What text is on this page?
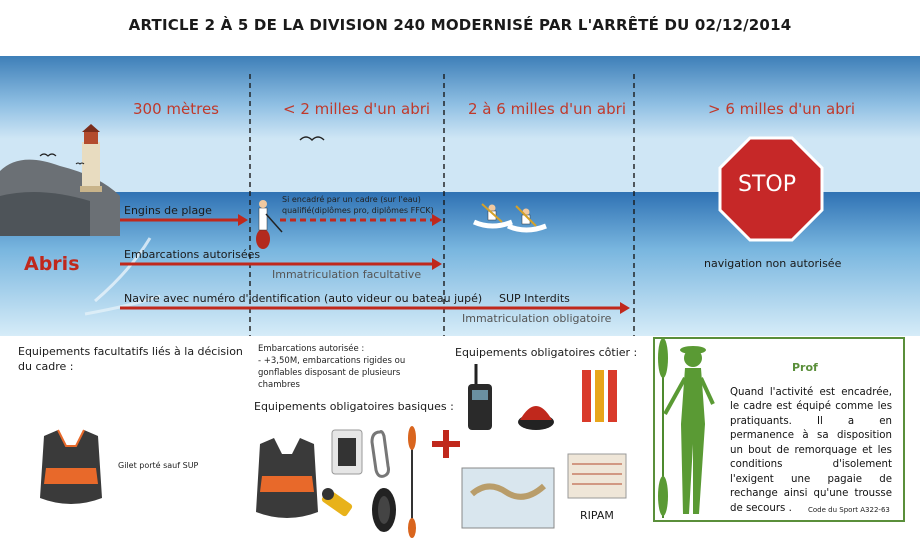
ARTICLE 2 À 5 DE LA DIVISION 240 MODERNISÉ PAR L'ARRÊTÉ DU 02/12/2014
300 mètres	< 2 milles d'un abri	2 à 6 milles d'un abri	> 6 milles d'un abri
Abris
Engins de plage
Si encadré par un cadre (sur l'eau)
qualifié(diplômes pro, diplômes FFCK)
Embarcations autorisées
Immatriculation facultative
Navire avec numéro d'identification (auto videur ou bateau jupé) SUP Interdits
Immatriculation obligatoire
STOP
navigation non autorisée
Equipements facultatifs liés à la décision du cadre :
Gilet porté sauf SUP
Embarcations autorisée :
- +3,50M, embarcations rigides ou
gonflables disposant de plusieurs
chambres
Equipements obligatoires basiques :
Equipements obligatoires côtier :
RIPAM
Prof
Quand l'activité est encadrée, le cadre est équipé comme les pratiquants. Il a en permanence à sa disposition un bout de remorquage et les conditions d'isolement l'exigent une pagaie de rechange ainsi qu'une trousse de secours .	Code du Sport A322-63
